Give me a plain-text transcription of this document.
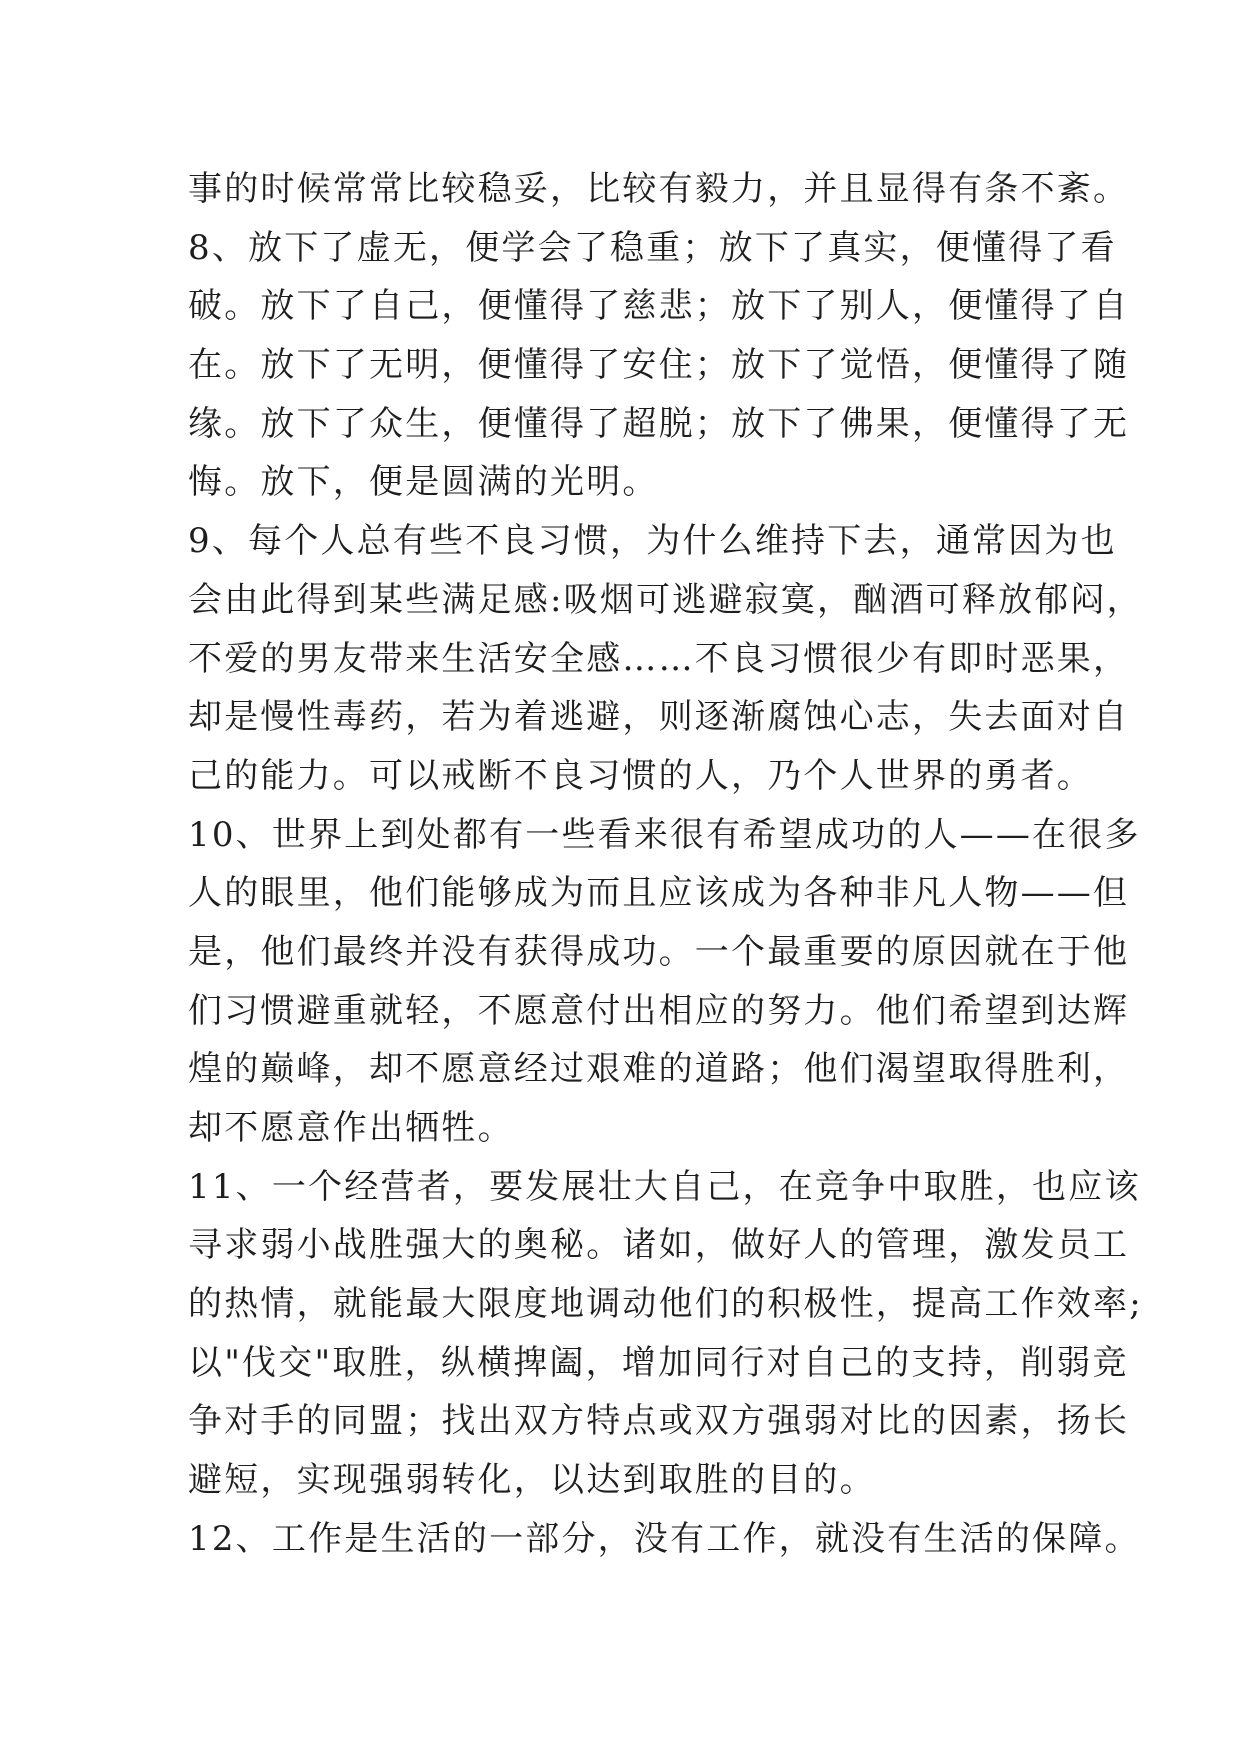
事的时候常常比较稳妥，比较有毅力，并且显得有条不紊。
8、放下了虚无，便学会了稳重；放下了真实，便懂得了看
破。放下了自己，便懂得了慈悲；放下了别人，便懂得了自
在。放下了无明，便懂得了安住；放下了觉悟，便懂得了随
缘。放下了众生，便懂得了超脱；放下了佛果，便懂得了无
悔。放下，便是圆满的光明。
9、每个人总有些不良习惯，为什么维持下去，通常因为也
会由此得到某些满足感:吸烟可逃避寂寞，酗酒可释放郁闷，
不爱的男友带来生活安全感……不良习惯很少有即时恶果，
却是慢性毒药，若为着逃避，则逐渐腐蚀心志，失去面对自
己的能力。可以戒断不良习惯的人，乃个人世界的勇者。
10、世界上到处都有一些看来很有希望成功的人——在很多
人的眼里，他们能够成为而且应该成为各种非凡人物——但
是，他们最终并没有获得成功。一个最重要的原因就在于他
们习惯避重就轻，不愿意付出相应的努力。他们希望到达辉
煌的巅峰，却不愿意经过艰难的道路；他们渴望取得胜利，
却不愿意作出牺牲。
11、一个经营者，要发展壮大自己，在竞争中取胜，也应该
寻求弱小战胜强大的奥秘。诸如，做好人的管理，激发员工
的热情，就能最大限度地调动他们的积极性，提高工作效率;
以"伐交"取胜，纵横捭阖，增加同行对自己的支持，削弱竞
争对手的同盟；找出双方特点或双方强弱对比的因素，扬长
避短，实现强弱转化，以达到取胜的目的。
12、工作是生活的一部分，没有工作，就没有生活的保障。
